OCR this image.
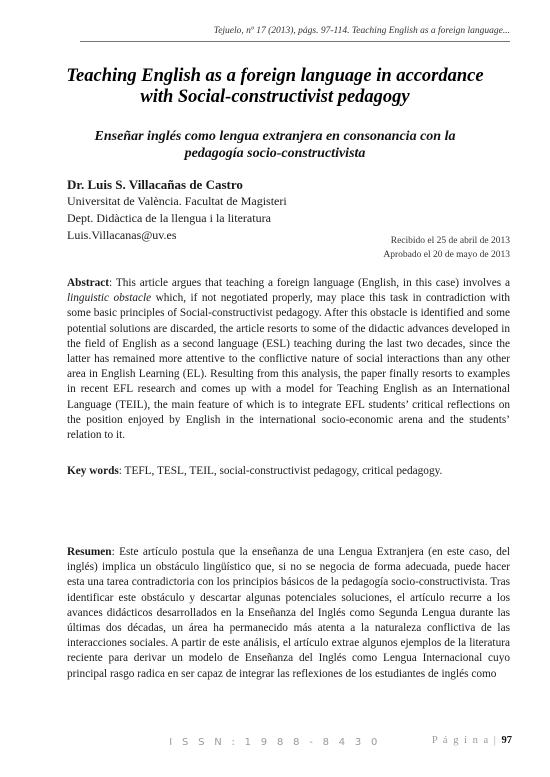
Tejuelo, nº 17 (2013), págs. 97-114. Teaching English as a foreign language...
Teaching English as a foreign language in accordance with Social-constructivist pedagogy
Enseñar inglés como lengua extranjera en consonancia con la pedagogía socio-constructivista
Dr. Luis S. Villacañas de Castro
Universitat de València. Facultat de Magisteri
Dept. Didàctica de la llengua i la literatura
Luis.Villacanas@uv.es	Recibido el 25 de abril de 2013
Aprobado el 20 de mayo de 2013
Abstract: This article argues that teaching a foreign language (English, in this case) involves a linguistic obstacle which, if not negotiated properly, may place this task in contradiction with some basic principles of Social-constructivist pedagogy. After this obstacle is identified and some potential solutions are discarded, the article resorts to some of the didactic advances developed in the field of English as a second language (ESL) teaching during the last two decades, since the latter has remained more attentive to the conflictive nature of social interactions than any other area in English Learning (EL). Resulting from this analysis, the paper finally resorts to examples in recent EFL research and comes up with a model for Teaching English as an International Language (TEIL), the main feature of which is to integrate EFL students’ critical reflections on the position enjoyed by English in the international socio-economic arena and the students’ relation to it.
Key words: TEFL, TESL, TEIL, social-constructivist pedagogy, critical pedagogy.
Resumen: Este artículo postula que la enseñanza de una Lengua Extranjera (en este caso, del inglés) implica un obstáculo lingüístico que, si no se negocia de forma adecuada, puede hacer esta una tarea contradictoria con los principios básicos de la pedagogía socio-constructivista. Tras identificar este obstáculo y descartar algunas potenciales soluciones, el artículo recurre a los avances didácticos desarrollados en la Enseñanza del Inglés como Segunda Lengua durante las últimas dos décadas, un área ha permanecido más atenta a la naturaleza conflictiva de las interacciones sociales. A partir de este análisis, el artículo extrae algunos ejemplos de la literatura reciente para derivar un modelo de Enseñanza del Inglés como Lengua Internacional cuyo principal rasgo radica en ser capaz de integrar las reflexiones de los estudiantes de inglés como
I S S N : 1 9 8 8 - 8 4 3 0	P á g i n a | 97
